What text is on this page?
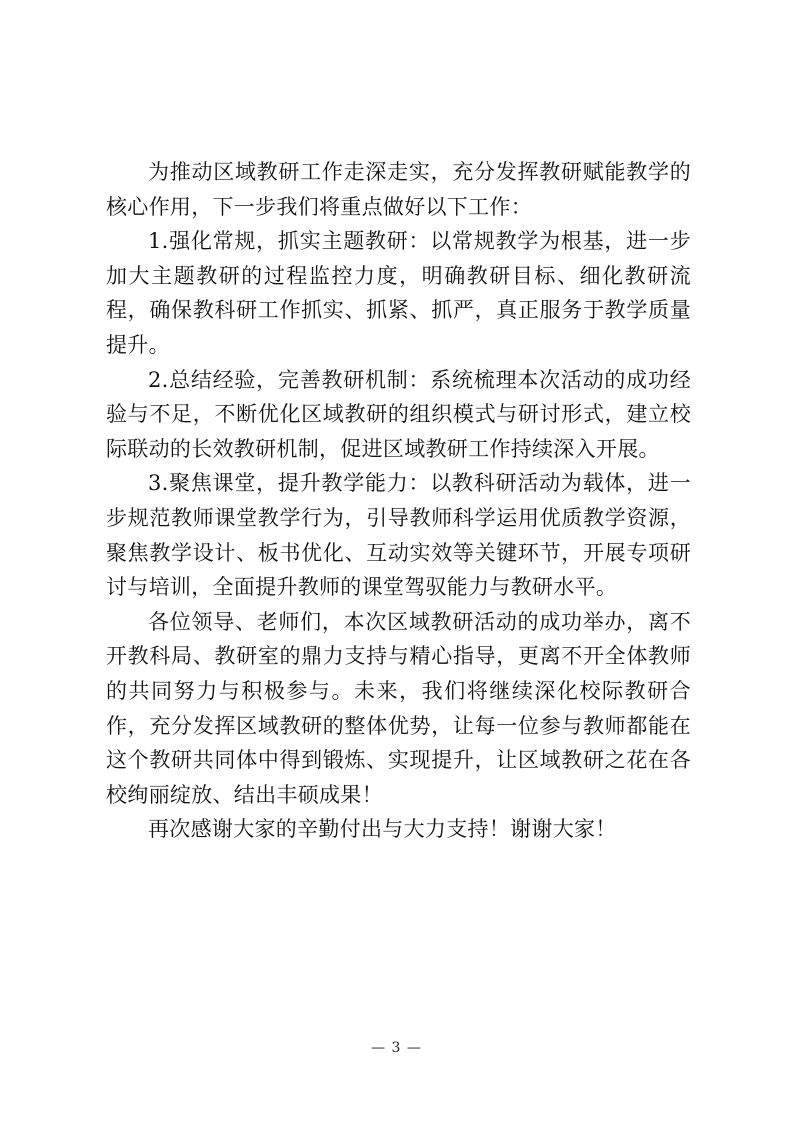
为推动区域教研工作走深走实，充分发挥教研赋能教学的核心作用，下一步我们将重点做好以下工作：

1.强化常规，抓实主题教研：以常规教学为根基，进一步加大主题教研的过程监控力度，明确教研目标、细化教研流程，确保教科研工作抓实、抓紧、抓严，真正服务于教学质量提升。

2.总结经验，完善教研机制：系统梳理本次活动的成功经验与不足，不断优化区域教研的组织模式与研讨形式，建立校际联动的长效教研机制，促进区域教研工作持续深入开展。

3.聚焦课堂，提升教学能力：以教科研活动为载体，进一步规范教师课堂教学行为，引导教师科学运用优质教学资源，聚焦教学设计、板书优化、互动实效等关键环节，开展专项研讨与培训，全面提升教师的课堂驾驭能力与教研水平。

各位领导、老师们，本次区域教研活动的成功举办，离不开教科局、教研室的鼎力支持与精心指导，更离不开全体教师的共同努力与积极参与。未来，我们将继续深化校际教研合作，充分发挥区域教研的整体优势，让每一位参与教师都能在这个教研共同体中得到锻炼、实现提升，让区域教研之花在各校绚丽绽放、结出丰硕成果！

再次感谢大家的辛勤付出与大力支持！谢谢大家！

— 3 —
